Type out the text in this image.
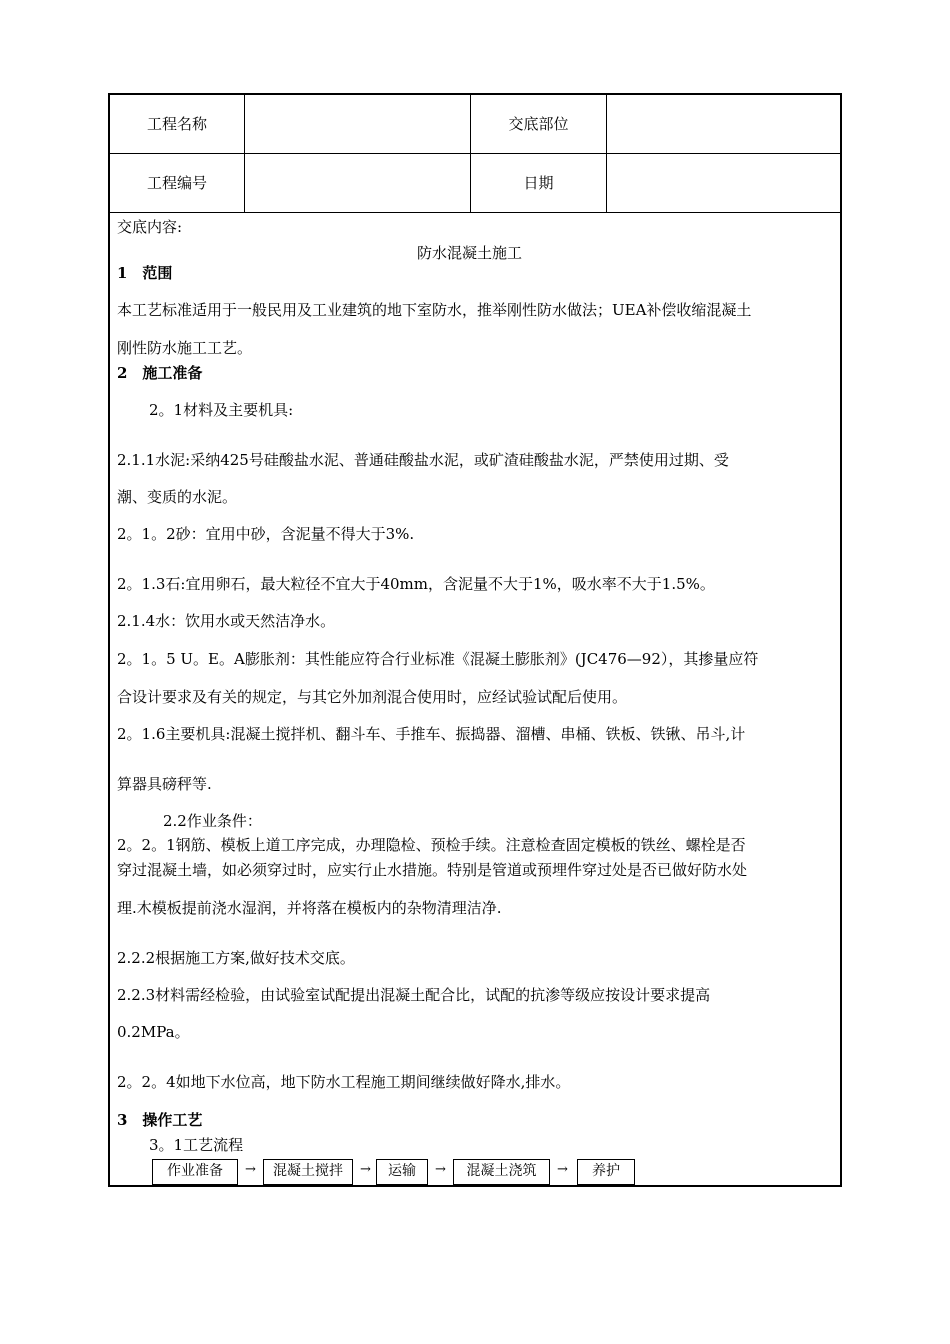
工程名称	交底部位
工程编号	日期
交底内容:
防水混凝土施工
1　范围
本工艺标准适用于一般民用及工业建筑的地下室防水，推举刚性防水做法；UEA补偿收缩混凝土
刚性防水施工工艺。
2　施工准备
2。1材料及主要机具:
2.1.1水泥:采纳425号硅酸盐水泥、普通硅酸盐水泥，或矿渣硅酸盐水泥，严禁使用过期、受
潮、变质的水泥。
2。1。2砂：宜用中砂，含泥量不得大于3%.
2。1.3石:宜用卵石，最大粒径不宜大于40mm，含泥量不大于1%，吸水率不大于1.5%。
2.1.4水：饮用水或天然洁净水。
2。1。5 U。E。A膨胀剂：其性能应符合行业标准《混凝土膨胀剂》(JC476—92），其掺量应符
合设计要求及有关的规定，与其它外加剂混合使用时，应经试验试配后使用。
2。1.6主要机具:混凝土搅拌机、翻斗车、手推车、振捣器、溜槽、串桶、铁板、铁锹、吊斗,计
算器具磅秤等.
2.2作业条件：
2。2。1钢筋、模板上道工序完成，办理隐检、预检手续。注意检查固定模板的铁丝、螺栓是否
穿过混凝土墙，如必须穿过时，应实行止水措施。特别是管道或预埋件穿过处是否已做好防水处
理.木模板提前浇水湿润，并将落在模板内的杂物清理洁净.
2.2.2根据施工方案,做好技术交底。
2.2.3材料需经检验，由试验室试配提出混凝土配合比，试配的抗渗等级应按设计要求提高
0.2MPa。
2。2。4如地下水位高，地下防水工程施工期间继续做好降水,排水。
3　操作工艺
3。1工艺流程
作业准备	→	混凝土搅拌	→	运输	→	混凝土浇筑	→	养护
